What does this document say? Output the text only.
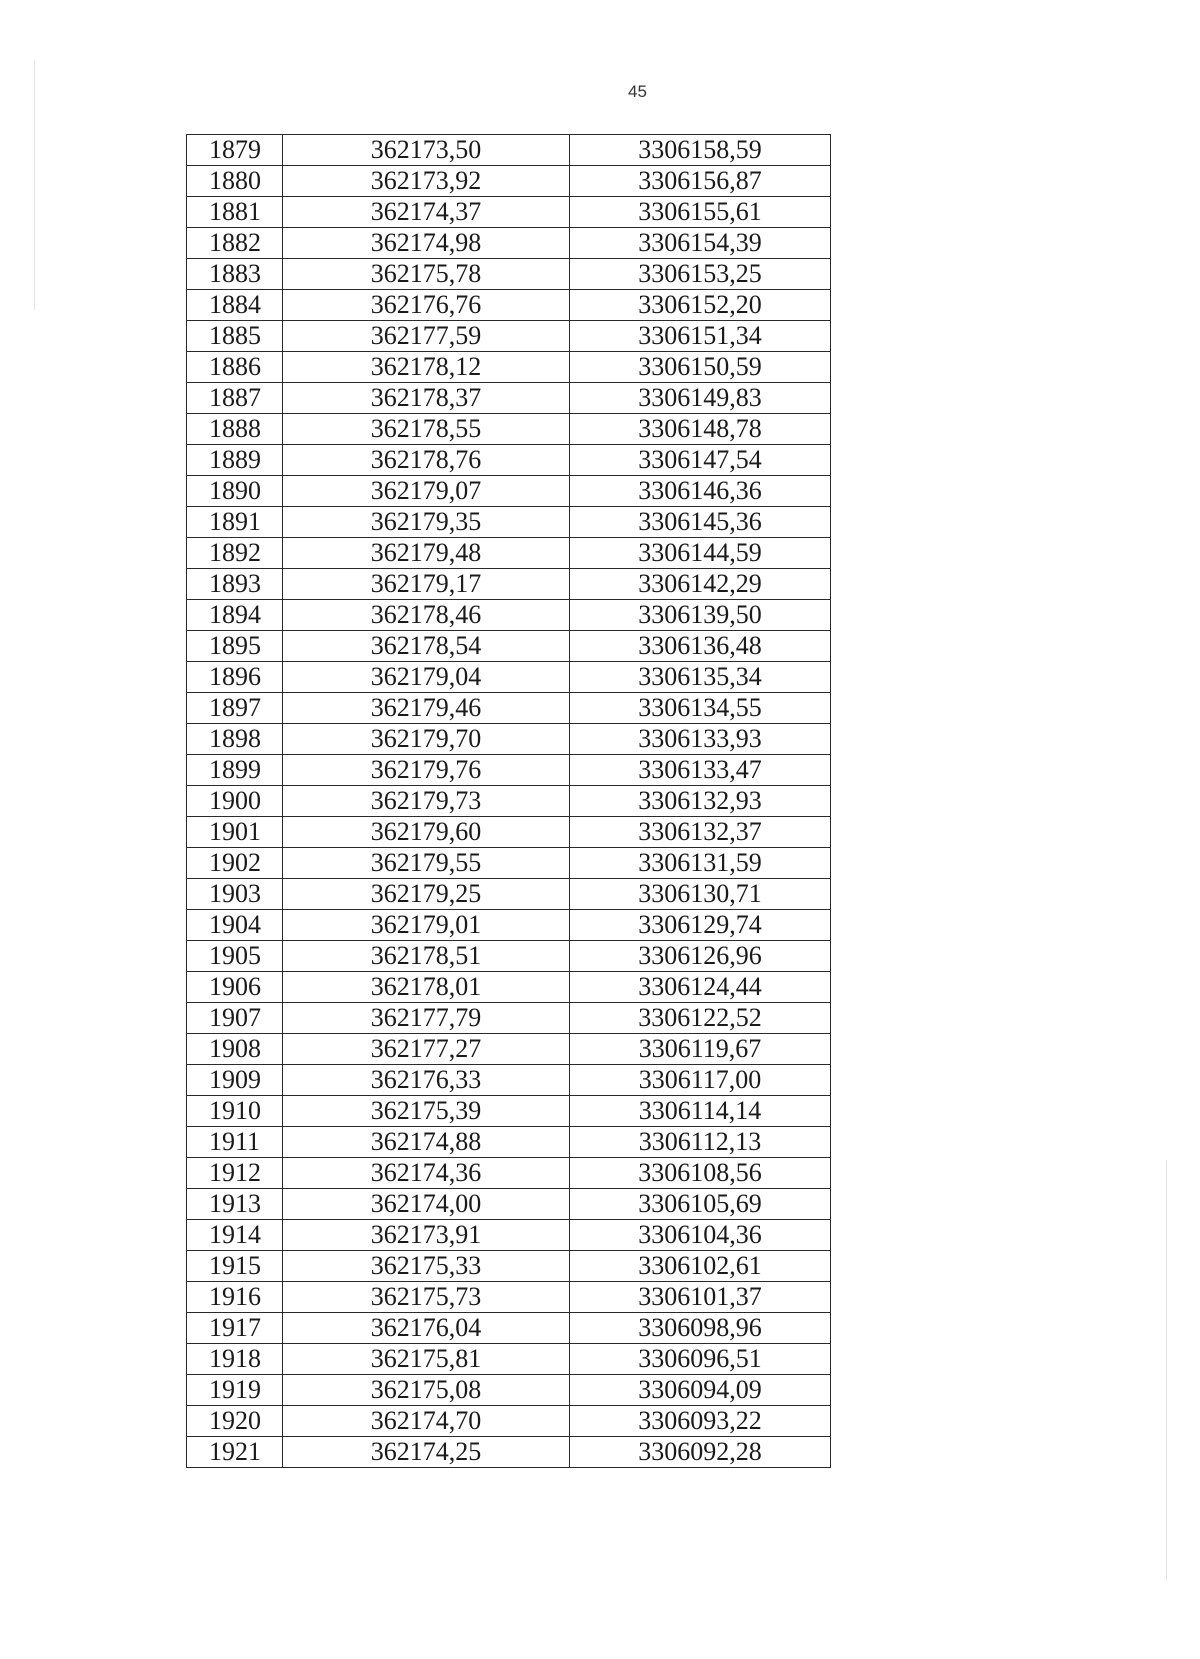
45
1879	362173,50	3306158,59
1880	362173,92	3306156,87
1881	362174,37	3306155,61
1882	362174,98	3306154,39
1883	362175,78	3306153,25
1884	362176,76	3306152,20
1885	362177,59	3306151,34
1886	362178,12	3306150,59
1887	362178,37	3306149,83
1888	362178,55	3306148,78
1889	362178,76	3306147,54
1890	362179,07	3306146,36
1891	362179,35	3306145,36
1892	362179,48	3306144,59
1893	362179,17	3306142,29
1894	362178,46	3306139,50
1895	362178,54	3306136,48
1896	362179,04	3306135,34
1897	362179,46	3306134,55
1898	362179,70	3306133,93
1899	362179,76	3306133,47
1900	362179,73	3306132,93
1901	362179,60	3306132,37
1902	362179,55	3306131,59
1903	362179,25	3306130,71
1904	362179,01	3306129,74
1905	362178,51	3306126,96
1906	362178,01	3306124,44
1907	362177,79	3306122,52
1908	362177,27	3306119,67
1909	362176,33	3306117,00
1910	362175,39	3306114,14
1911	362174,88	3306112,13
1912	362174,36	3306108,56
1913	362174,00	3306105,69
1914	362173,91	3306104,36
1915	362175,33	3306102,61
1916	362175,73	3306101,37
1917	362176,04	3306098,96
1918	362175,81	3306096,51
1919	362175,08	3306094,09
1920	362174,70	3306093,22
1921	362174,25	3306092,28
